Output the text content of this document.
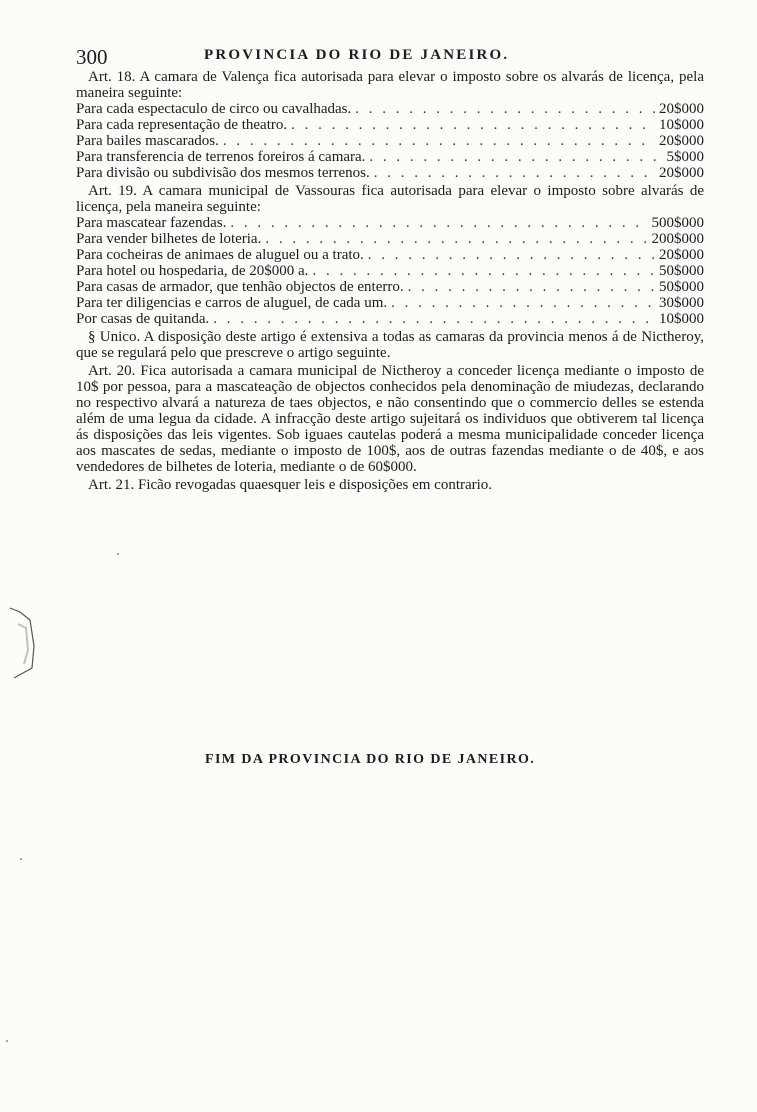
300	PROVINCIA DO RIO DE JANEIRO.

Art. 18. A camara de Valença fica autorisada para elevar o imposto sobre os alvarás de licença, pela maneira seguinte:

Para cada espectaculo de circo ou cavalhadas. . . .	20$000
Para cada representação de theatro. . . .	10$000
Para bailes mascarados. . . .	20$000
Para transferencia de terrenos foreiros á camara. . . .	5$000
Para divisão ou subdivisão dos mesmos terrenos. . . .	20$000

Art. 19. A camara municipal de Vassouras fica autorisada para elevar o imposto sobre alvarás de licença, pela maneira seguinte:

Para mascatear fazendas. . . .	500$000
Para vender bilhetes de loteria. . . .	200$000
Para cocheiras de animaes de aluguel ou a trato. . . .	20$000
Para hotel ou hospedaria, de 20$000 a. . . .	50$000
Para casas de armador, que tenhão objectos de enterro. . . .	50$000
Para ter diligencias e carros de aluguel, de cada um. . . .	30$000
Por casas de quitanda. . . .	10$000

§ Unico. A disposição deste artigo é extensiva a todas as camaras da provincia menos á de Nictheroy, que se regulará pelo que prescreve o artigo seguinte.

Art. 20. Fica autorisada a camara municipal de Nictheroy a conceder licença mediante o imposto de 10$ por pessoa, para a mascateação de objectos conhecidos pela denominação de miudezas, declarando no respectivo alvará a natureza de taes objectos, e não consentindo que o commercio delles se estenda além de uma legua da cidade. A infracção deste artigo sujeitará os individuos que obtiverem tal licença ás disposições das leis vigentes. Sob iguaes cautelas poderá a mesma municipalidade conceder licença aos mascates de sedas, mediante o imposto de 100$, aos de outras fazendas mediante o de 40$, e aos vendedores de bilhetes de loteria, mediante o de 60$000.

Art. 21. Ficão revogadas quaesquer leis e disposições em contrario.

FIM DA PROVINCIA DO RIO DE JANEIRO.
